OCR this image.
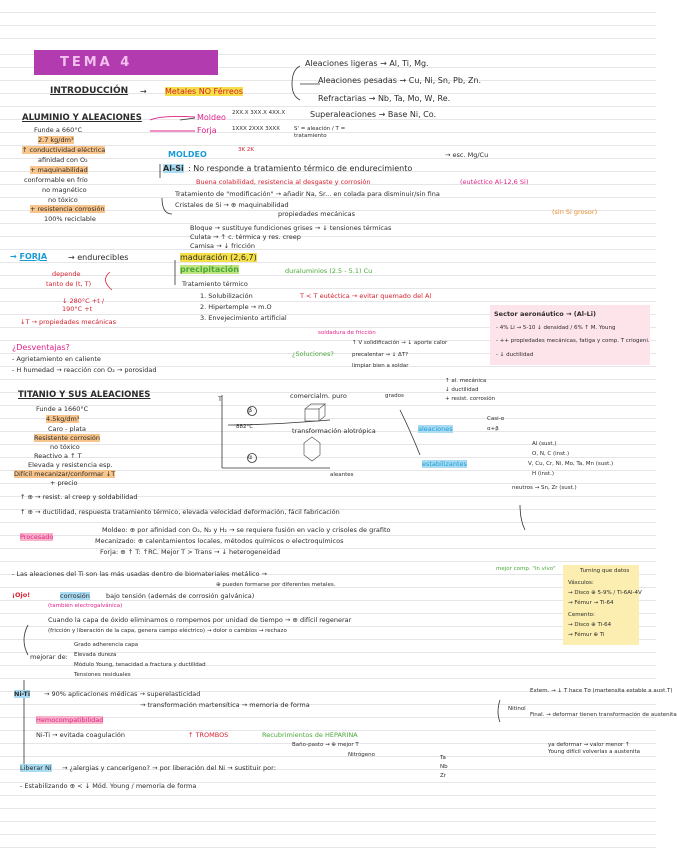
TEMA 4
INTRODUCCIÓN → Metales NO Férreos
Aleaciones ligeras → Al, Ti, Mg.
Aleaciones pesadas → Cu, Ni, Sn, Pb, Zn.
Refractarias → Nb, Ta, Mo, W, Re.
Superaleaciones → Base Ni, Co.
ALUMINIO Y ALEACIONES
Funde a 660°C
2.7 kg/dm³
↑ conductividad eléctrica
afinidad con O₂
+ maquinabilidad
conformable en frío
no magnético
no tóxico
+ resistencia corrosión
100% reciclable
Moldeo
Forja
2XX.X 3XX.X 4XX.X
1XXX 2XXX 3XXX	S' = aleación / T = tratamiento
MOLDEO	3K 2K
→ esc. Mg/Cu
Al-Si : No responde a tratamiento térmico de endurecimiento
Buena colabilidad, resistencia al desgaste y corrosión	(eutéctico Al-12,6 Si)
Tratamiento de "modificación" → añadir Na, Sr... en colada para disminuir/sin fina
Cristales de Si → ⊕ maquinabilidad
propiedades mecánicas	(sin Si grosor)
Bloque → sustituye fundiciones grises → ↓ tensiones térmicas
Culata → ↑ c. térmica y res. creep
Camisa → ↓ fricción
→ FORJA	→ endurecibles	maduración (2,6,7)
depende
tanto de (t, T)
precipitación	duraluminios (2.5 - 5.1) Cu
Tratamiento térmico
1. Solubilización	T < T eutéctica → evitar quemado del Al
2. Hipertemple → m.O
3. Envejecimiento artificial
↓ 280°C +t / 190°C +t
↓T → propiedades mecánicas
¿Desventajas?
- Agrietamiento en caliente
- H humedad → reacción con O₂ → porosidad
¿Soluciones?
soldadura de fricción
↑ V solidificación → ↓ aporte calor
precalentar → ↓ ΔT?
limpiar bien a soldar
Sector aeronáutico → (Al-Li)
- 4% Li → 5-10 ↓ densidad / 6% ↑ M. Young
- ++ propiedades mecánicas, fatiga y comp. T criogeni.
- ↓ ductilidad
TITANIO Y SUS ALEACIONES
Funde a 1660°C
4.5kg/dm³
Caro - plata
Resistente corrosión
no tóxico
Reactivo a ↑ T
Elevada y resistencia esp.
Difícil mecanizar/conformar ↓T
+ precio
T
β
α
882°C
comercialm. puro	grados
↑ al. mecánica
↓ ductilidad
+ resist. corrosión
transformación alotrópica
aleantes
aleaciones
Casi-α
α+β
estabilizantes
Al (sust.)
O, N, C (inst.)
V, Cu, Cr, Ni, Mo, Ta, Mn (sust.)
H (inst.)
neutros → Sn, Zr (sust.)
↑ ⊕ → resist. al creep y soldabilidad
↑ ⊕ → ductilidad, respuesta tratamiento térmico, elevada velocidad deformación, fácil fabricación
Procesado
Moldeo: ⊕ por afinidad con O₂, N₂ y H₂ → se requiere fusión en vacío y crisoles de grafito
Mecanizado: ⊕ calentamientos locales, métodos químicos o electroquímicos
Forja: ⊕ ↑ T: ↑RC. Mejor T > Trans → ↓ heterogeneidad
- Las aleaciones del Ti son las más usadas dentro de biomateriales metálico →
mejor comp. "in vivo"
⊕ pueden formarse por diferentes metales.
¡Ojo!	corrosión bajo tensión (además de corrosión galvánica)
(también electrogalvánica)
Cuando la capa de óxido eliminamos o rompemos por unidad de tiempo → ⊕ difícil regenerar
(fricción y liberación de la capa, genera campo eléctrico) → dolor o cambios → rechazo
mejorar de:
Grado adherencia capa
Elevada dureza
Módulo Young, tenacidad a fractura y ductilidad
Tensiones residuales
Turning que datos
Vásculos:
→ Disco ⊕ 5-9% / Ti-6Al-4V
→ Fémur → Ti-64
Cemento:
→ Disco ⊕ Ti-64
→ Fémur ⊕ Ti
Ni-Ti → 90% aplicaciones médicas → superelasticidad
→ transformación martensítica → memoria de forma	Nitinol
Extem. → ↓ T hace Tσ (martensita estable a aust.T)
Final. → deformar tienen transformación de austenita
Hemocompatibilidad
Ni-Ti → evitada coagulación	↑ TROMBOS	Recubrimientos de HEPARINA
Baño-pasto → ⊕ mejor T
Nitrógeno
Liberar Ni → ¿alergias y cancerígeno? → por liberación del Ni → sustituir por:
Ta
Nb
Zr
- Estabilizando ⊕ < ↓ Mód. Young / memoria de forma
ya deformar → valor menor ↑ Young difícil volverlas a austenita
